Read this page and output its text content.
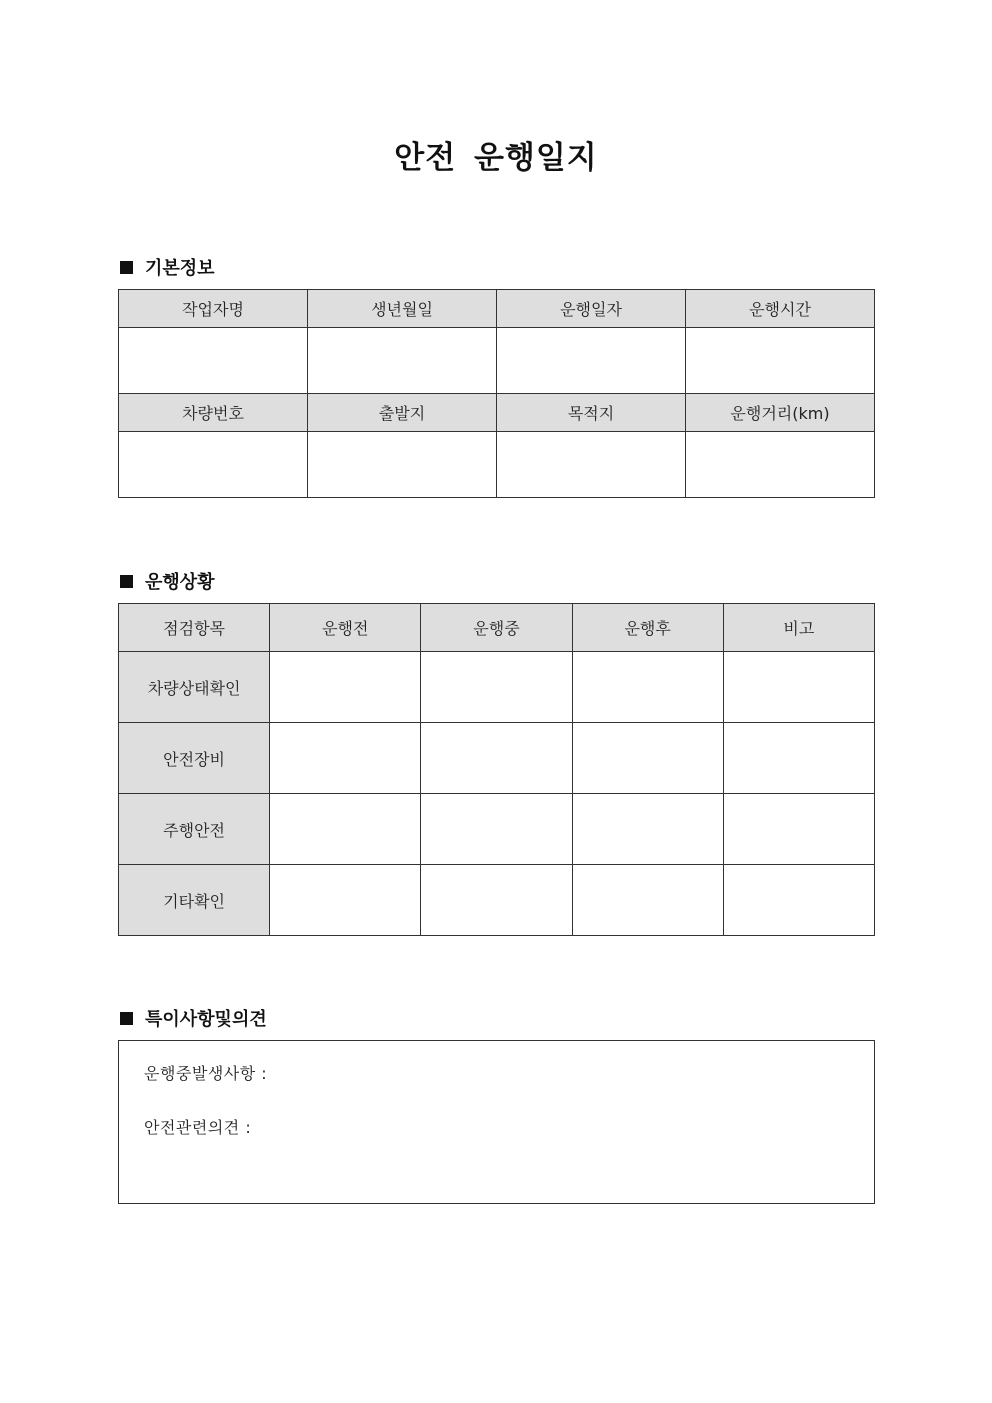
안전 운행일지
기본정보
작업자명	생년월일	운행일자	운행시간

차량번호	출발지	목적지	운행거리(km)

운행상황
점검항목	운행전	운행중	운행후	비고
차량상태확인				
안전장비				
주행안전				
기타확인				
특이사항및의견
운행중발생사항 :
안전관련의견 :
